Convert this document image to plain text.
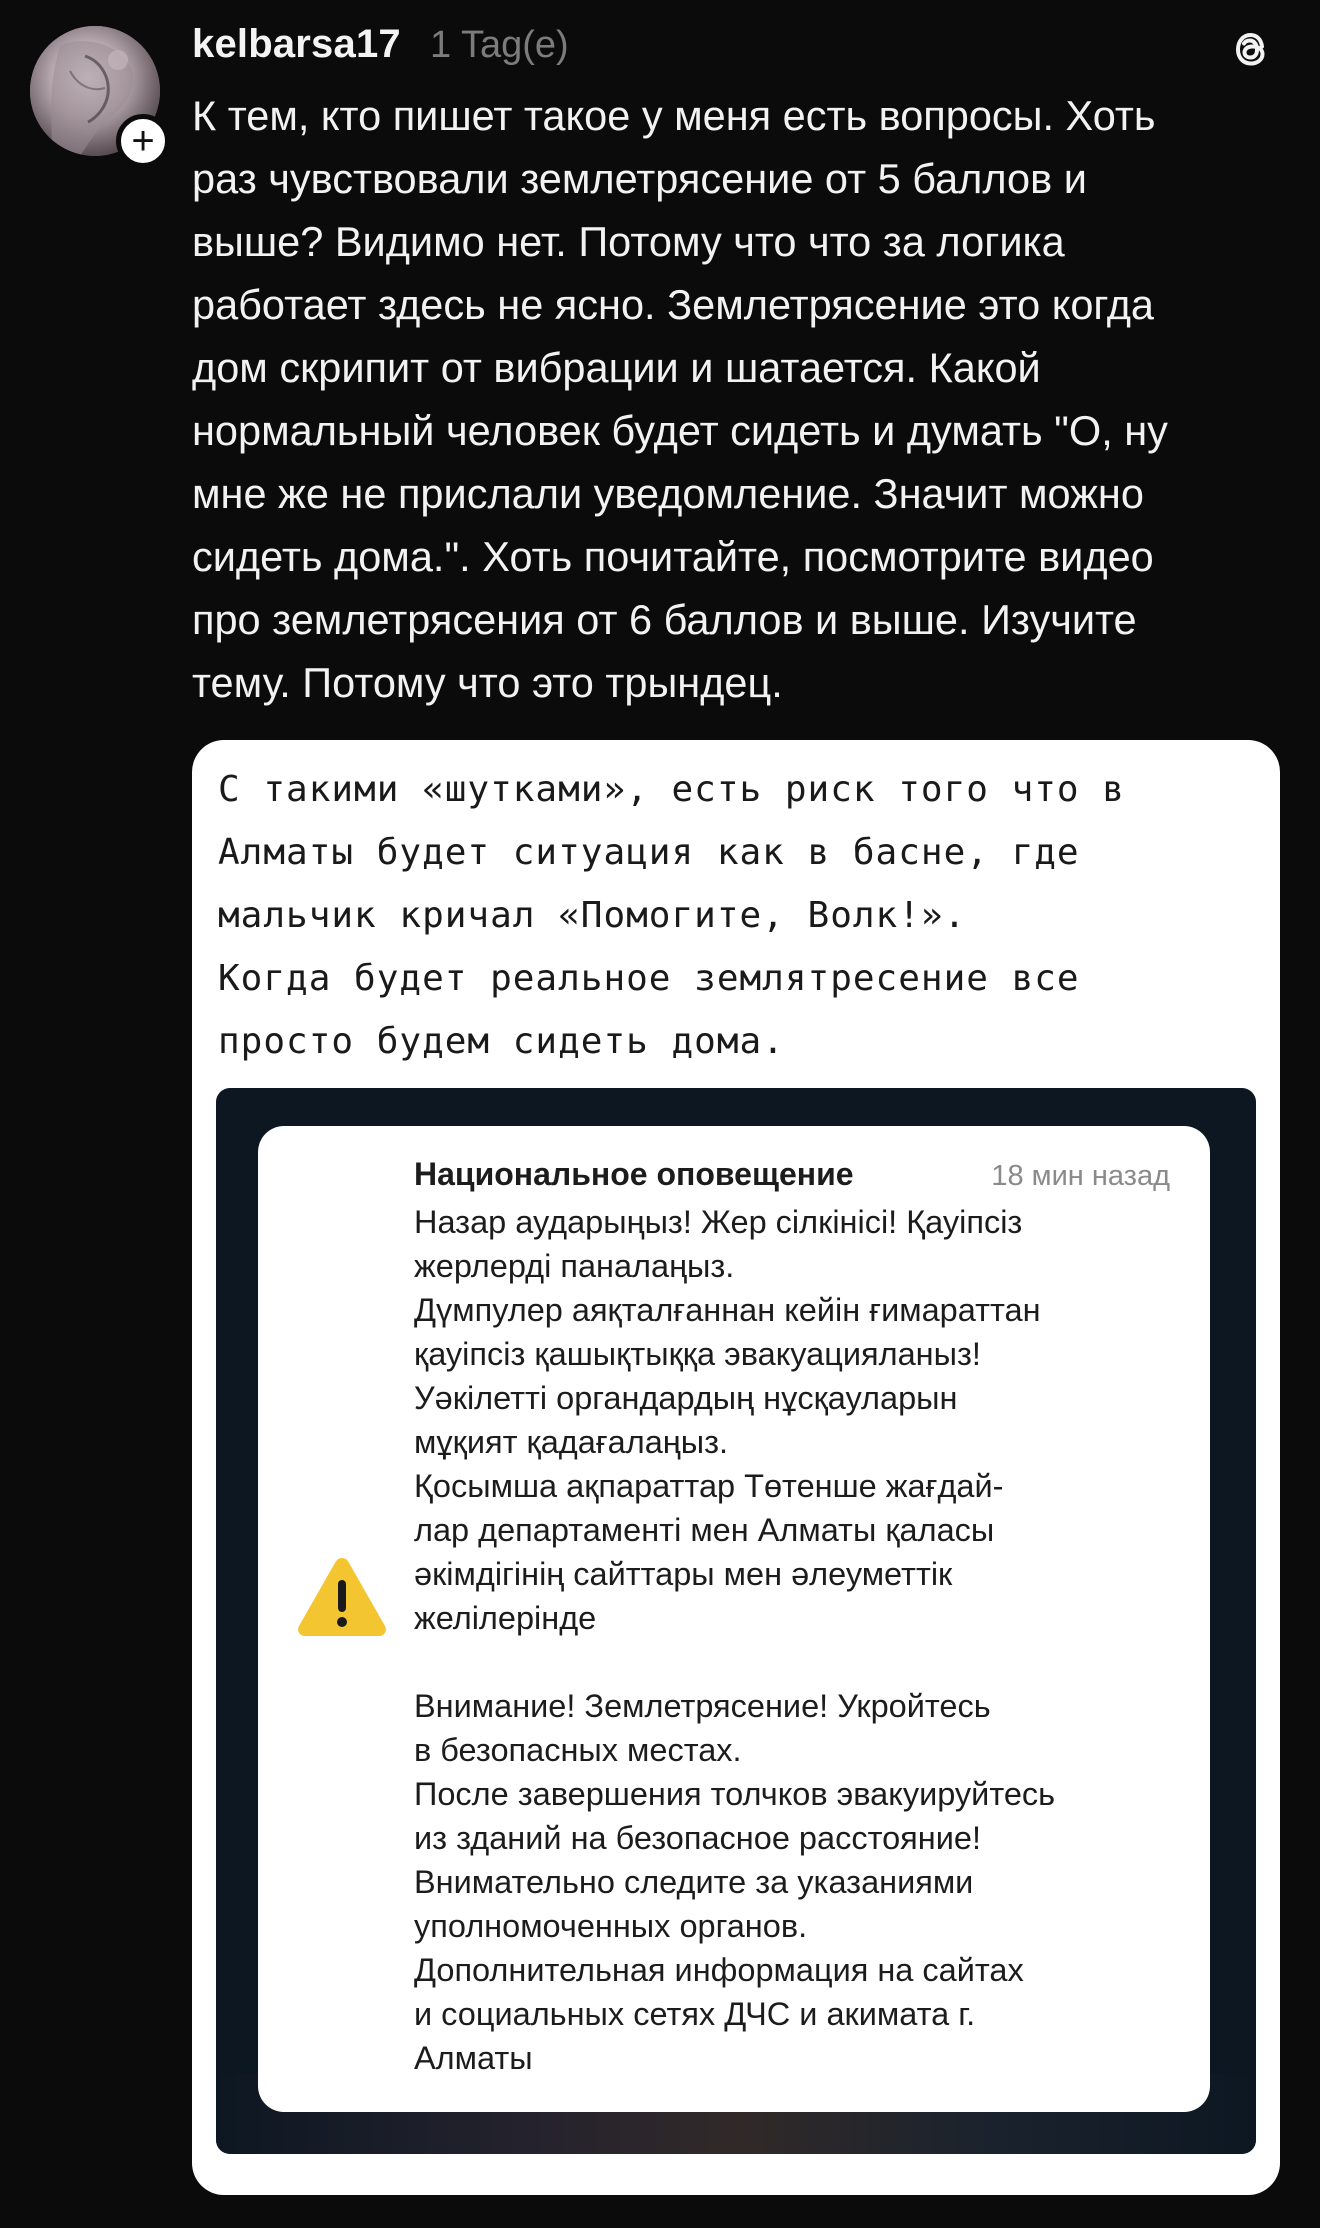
+
kelbarsa17 1 Tag(e)
К тем, кто пишет такое у меня есть вопросы. Хоть
раз чувствовали землетрясение от 5 баллов и
выше? Видимо нет. Потому что что за логика
работает здесь не ясно. Землетрясение это когда
дом скрипит от вибрации и шатается. Какой
нормальный человек будет сидеть и думать "О, ну
мне же не прислали уведомление. Значит можно
сидеть дома.". Хоть почитайте, посмотрите видео
про землетрясения от 6 баллов и выше. Изучите
тему. Потому что это трындец.
С такими «шутками», есть риск того что в
Алматы будет ситуация как в басне, где
мальчик кричал «Помогите, Волк!».
Когда будет реальное землятресение все
просто будем сидеть дома.
Национальное оповещение	18 мин назад
Назар аударыңыз! Жер сілкінісі! Қауіпсіз
жерлерді паналаңыз.
Дүмпулер аяқталғаннан кейін ғимараттан
қауіпсіз қашықтыққа эвакуацияланыз!
Уәкілетті органдардың нұсқауларын
мұқият қадағалаңыз.
Қосымша ақпараттар Төтенше жағдай-
лар департаменті мен Алматы қаласы
әкімдігінің сайттары мен әлеуметтік
желілерінде
Внимание! Землетрясение! Укройтесь
в безопасных местах.
После завершения толчков эвакуируйтесь
из зданий на безопасное расстояние!
Внимательно следите за указаниями
уполномоченных органов.
Дополнительная информация на сайтах
и социальных сетях ДЧС и акимата г.
Алматы
